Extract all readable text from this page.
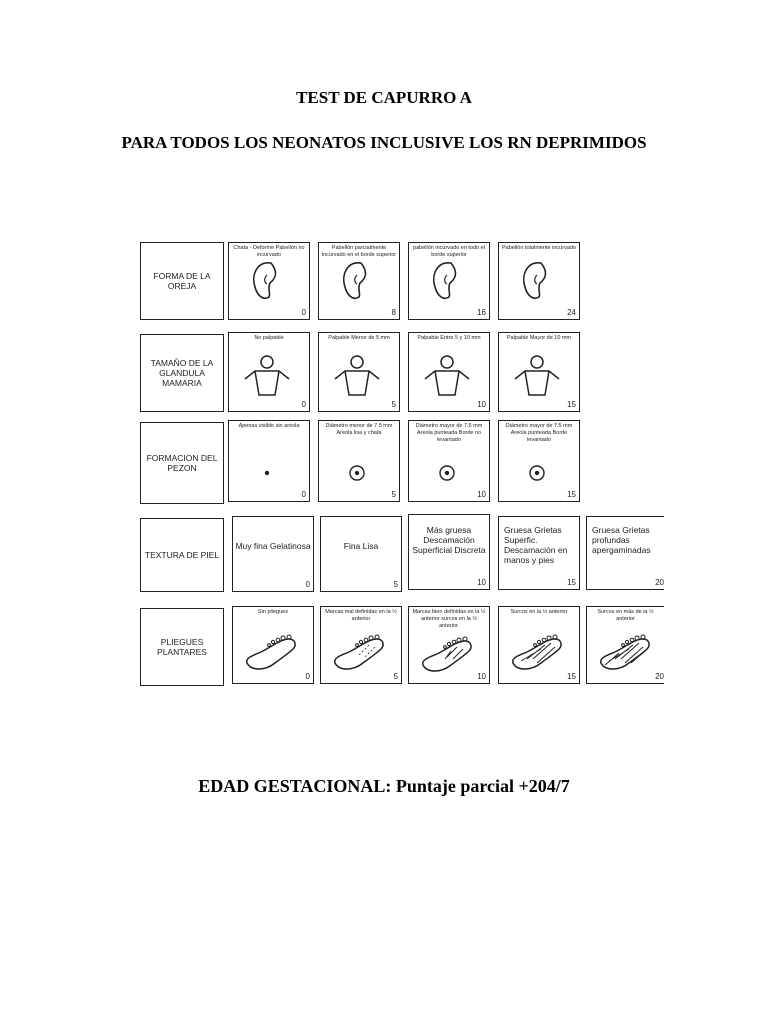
TEST DE CAPURRO A
PARA TODOS LOS NEONATOS INCLUSIVE LOS RN DEPRIMIDOS
FORMA DE LA OREJA
Chata - Deforme Pabellón no incurvado
0
Pabellón parcialmente incurvado en el borde superior
8
pabellón incurvado en todo el borde superior
16
Pabellón totalmente incurvado
24
TAMAÑO DE LA GLANDULA MAMARIA
No palpable
0
Palpable Menor de 5 mm
5
Palpable Entre 5 y 10 mm
10
Palpable Mayor de 10 mm
15
FORMACION DEL PEZON
Apenas visible sin areola
0
Diámetro menor de 7.5 mm Areola lisa y chata
5
Diámetro mayor de 7.5 mm Areola punteada Borde no levantado
10
Diámetro mayor de 7.5 mm Areola punteada Borde levantado
15
TEXTURA DE PIEL
Muy fina Gelatinosa
0
Fina Lisa
5
Más gruesa Descamación Superficial Discreta
10
Gruesa Grietas Superfic. Descamación en manos y pies
15
Gruesa Grietas profundas apergaminadas
20
PLIEGUES PLANTARES
Sin pliegues
0
Marcas mal definidas en la ½ anterior
5
Marcas bien definidas en la ½ anterior surcos en la ½ anterior.
10
Surcos en la ½ anterior
15
Surcos en más de la ½ anterior
20
EDAD GESTACIONAL: Puntaje parcial +204/7
